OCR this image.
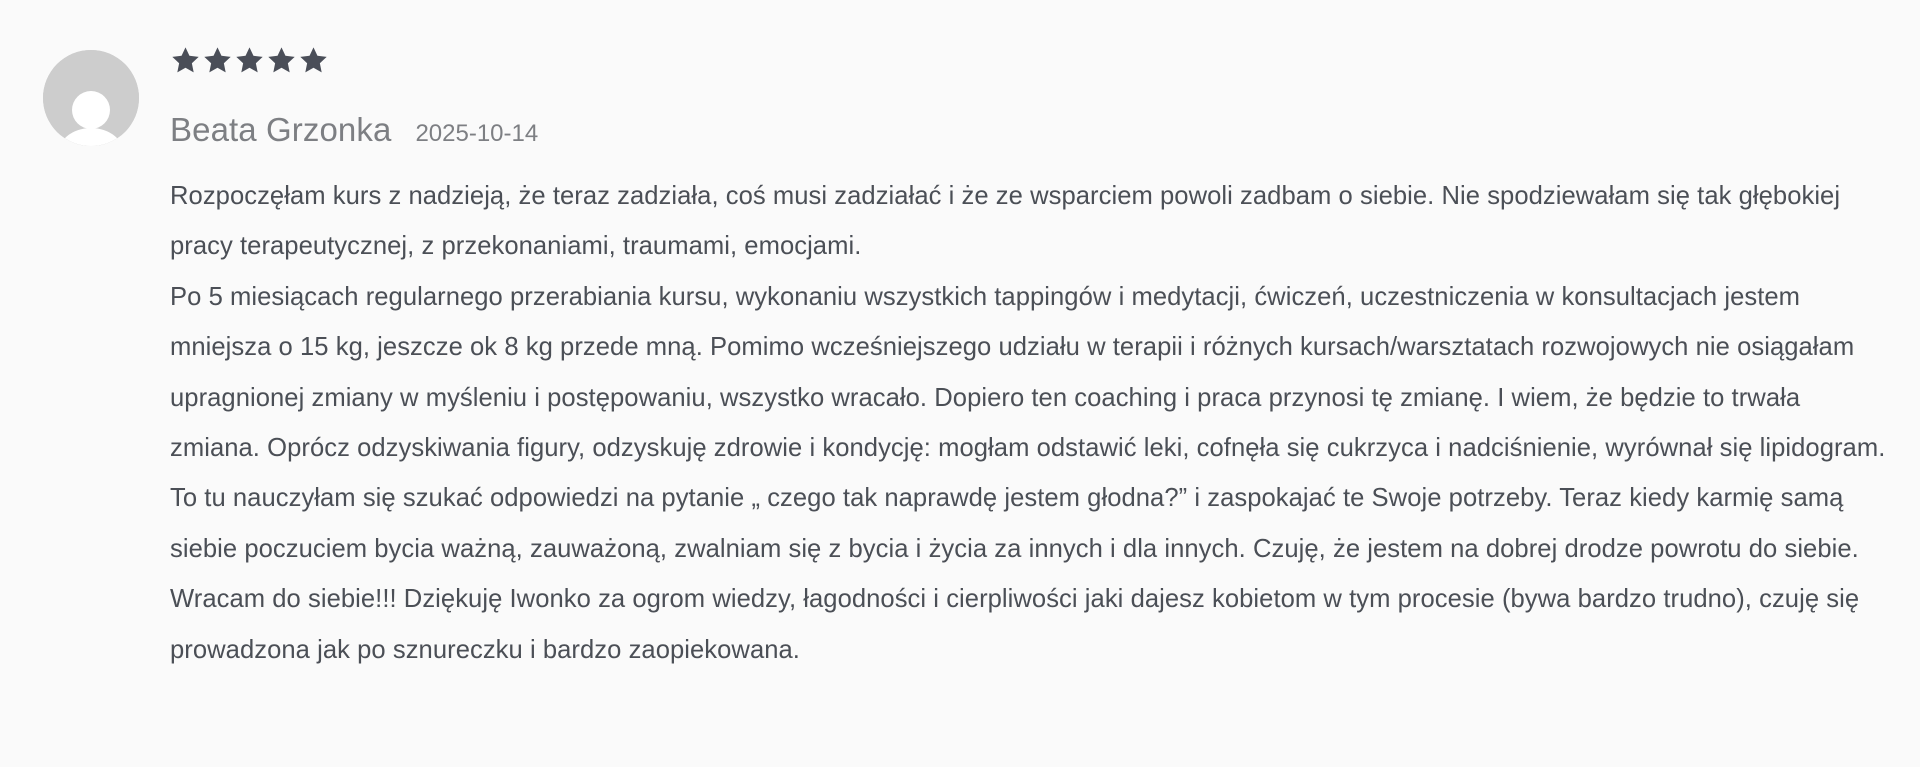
Beata Grzonka 2025-10-14

Rozpoczęłam kurs z nadzieją, że teraz zadziała, coś musi zadziałać i że ze wsparciem powoli zadbam o siebie. Nie spodziewałam się tak głębokiej pracy terapeutycznej, z przekonaniami, traumami, emocjami.

Po 5 miesiącach regularnego przerabiania kursu, wykonaniu wszystkich tappingów i medytacji, ćwiczeń, uczestniczenia w konsultacjach jestem mniejsza o 15 kg, jeszcze ok 8 kg przede mną. Pomimo wcześniejszego udziału w terapii i różnych kursach/warsztatach rozwojowych nie osiągałam upragnionej zmiany w myśleniu i postępowaniu, wszystko wracało. Dopiero ten coaching i praca przynosi tę zmianę. I wiem, że będzie to trwała zmiana. Oprócz odzyskiwania figury, odzyskuję zdrowie i kondycję: mogłam odstawić leki, cofnęła się cukrzyca i nadciśnienie, wyrównał się lipidogram. To tu nauczyłam się szukać odpowiedzi na pytanie „ czego tak naprawdę jestem głodna?” i zaspokajać te Swoje potrzeby. Teraz kiedy karmię samą siebie poczuciem bycia ważną, zauważoną, zwalniam się z bycia i życia za innych i dla innych. Czuję, że jestem na dobrej drodze powrotu do siebie. Wracam do siebie!!! Dziękuję Iwonko za ogrom wiedzy, łagodności i cierpliwości jaki dajesz kobietom w tym procesie (bywa bardzo trudno), czuję się prowadzona jak po sznureczku i bardzo zaopiekowana.
